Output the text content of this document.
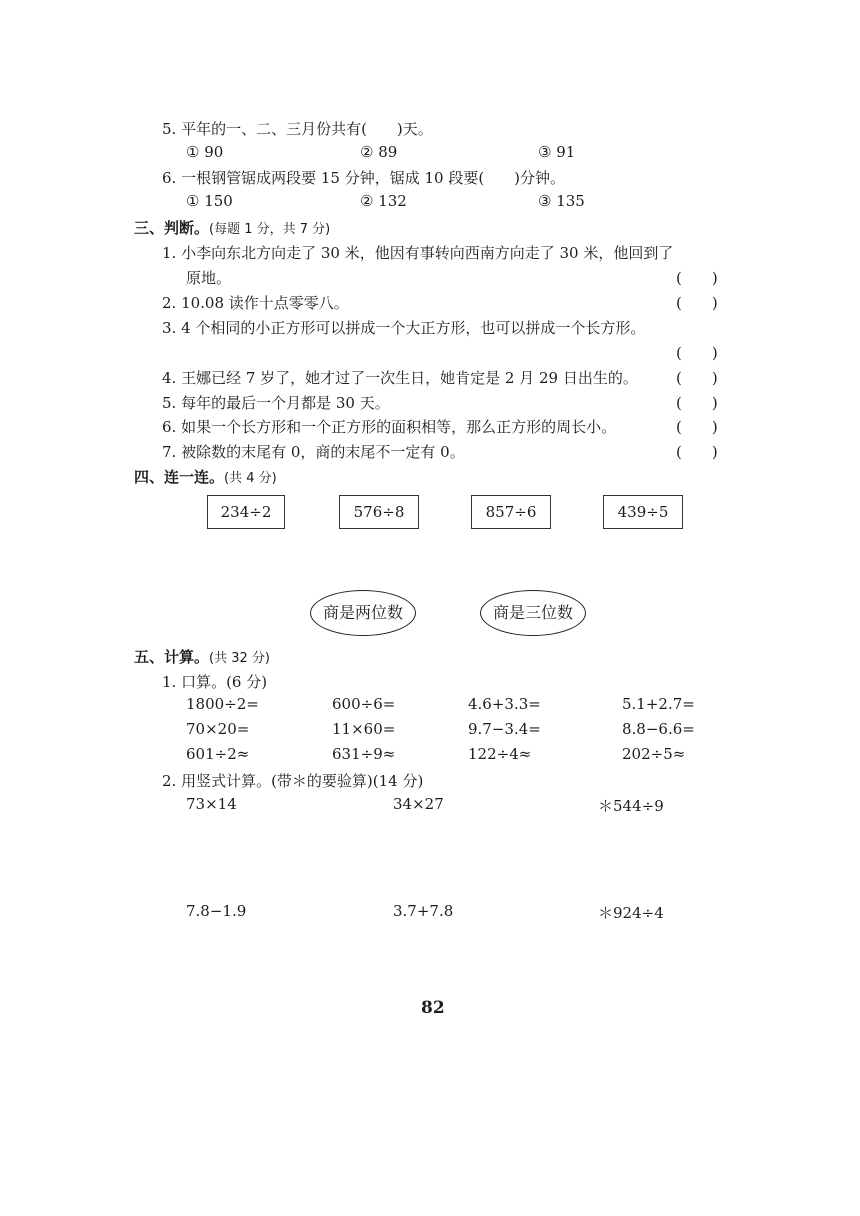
5. 平年的一、二、三月份共有(　　)天。
① 90	② 89	③ 91
6. 一根钢管锯成两段要 15 分钟，锯成 10 段要(　　)分钟。
① 150	② 132	③ 135
三、判断。(每题 1 分，共 7 分)
1. 小李向东北方向走了 30 米，他因有事转向西南方向走了 30 米，他回到了
原地。	(　　)
2. 10.08 读作十点零零八。	(　　)
3. 4 个相同的小正方形可以拼成一个大正方形，也可以拼成一个长方形。
(　　)
4. 王娜已经 7 岁了，她才过了一次生日，她肯定是 2 月 29 日出生的。	(　　)
5. 每年的最后一个月都是 30 天。	(　　)
6. 如果一个长方形和一个正方形的面积相等，那么正方形的周长小。	(　　)
7. 被除数的末尾有 0，商的末尾不一定有 0。	(　　)
四、连一连。(共 4 分)
234÷2	576÷8	857÷6	439÷5
商是两位数	商是三位数
五、计算。(共 32 分)
1. 口算。(6 分)
1800÷2=	600÷6=	4.6+3.3=	5.1+2.7=
70×20=	11×60=	9.7−3.4=	8.8−6.6=
601÷2≈	631÷9≈	122÷4≈	202÷5≈
2. 用竖式计算。(带＊的要验算)(14 分)
73×14	34×27	＊544÷9
7.8−1.9	3.7+7.8	＊924÷4
82
